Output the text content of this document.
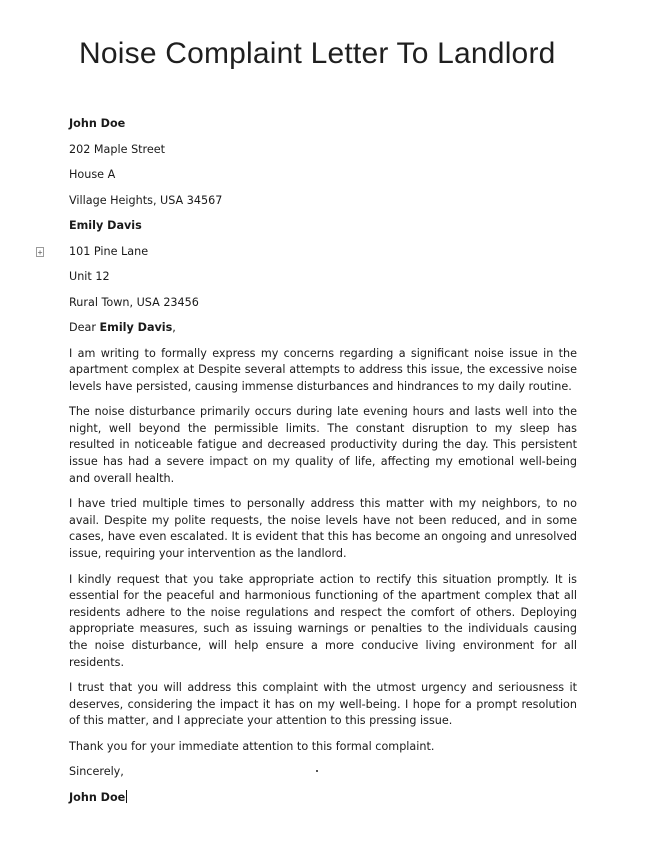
Noise Complaint Letter To Landlord
+
John Doe
202 Maple Street
House A
Village Heights, USA 34567
Emily Davis
101 Pine Lane
Unit 12
Rural Town, USA 23456
Dear Emily Davis,

I am writing to formally express my concerns regarding a significant noise issue in the apartment complex at Despite several attempts to address this issue, the excessive noise levels have persisted, causing immense disturbances and hindrances to my daily routine.

The noise disturbance primarily occurs during late evening hours and lasts well into the night, well beyond the permissible limits. The constant disruption to my sleep has resulted in noticeable fatigue and decreased productivity during the day. This persistent issue has had a severe impact on my quality of life, affecting my emotional well-being and overall health.

I have tried multiple times to personally address this matter with my neighbors, to no avail. Despite my polite requests, the noise levels have not been reduced, and in some cases, have even escalated. It is evident that this has become an ongoing and unresolved issue, requiring your intervention as the landlord.

I kindly request that you take appropriate action to rectify this situation promptly. It is essential for the peaceful and harmonious functioning of the apartment complex that all residents adhere to the noise regulations and respect the comfort of others. Deploying appropriate measures, such as issuing warnings or penalties to the individuals causing the noise disturbance, will help ensure a more conducive living environment for all residents.

I trust that you will address this complaint with the utmost urgency and seriousness it deserves, considering the impact it has on my well-being. I hope for a prompt resolution of this matter, and I appreciate your attention to this pressing issue.

Thank you for your immediate attention to this formal complaint.
Sincerely,
John Doe
